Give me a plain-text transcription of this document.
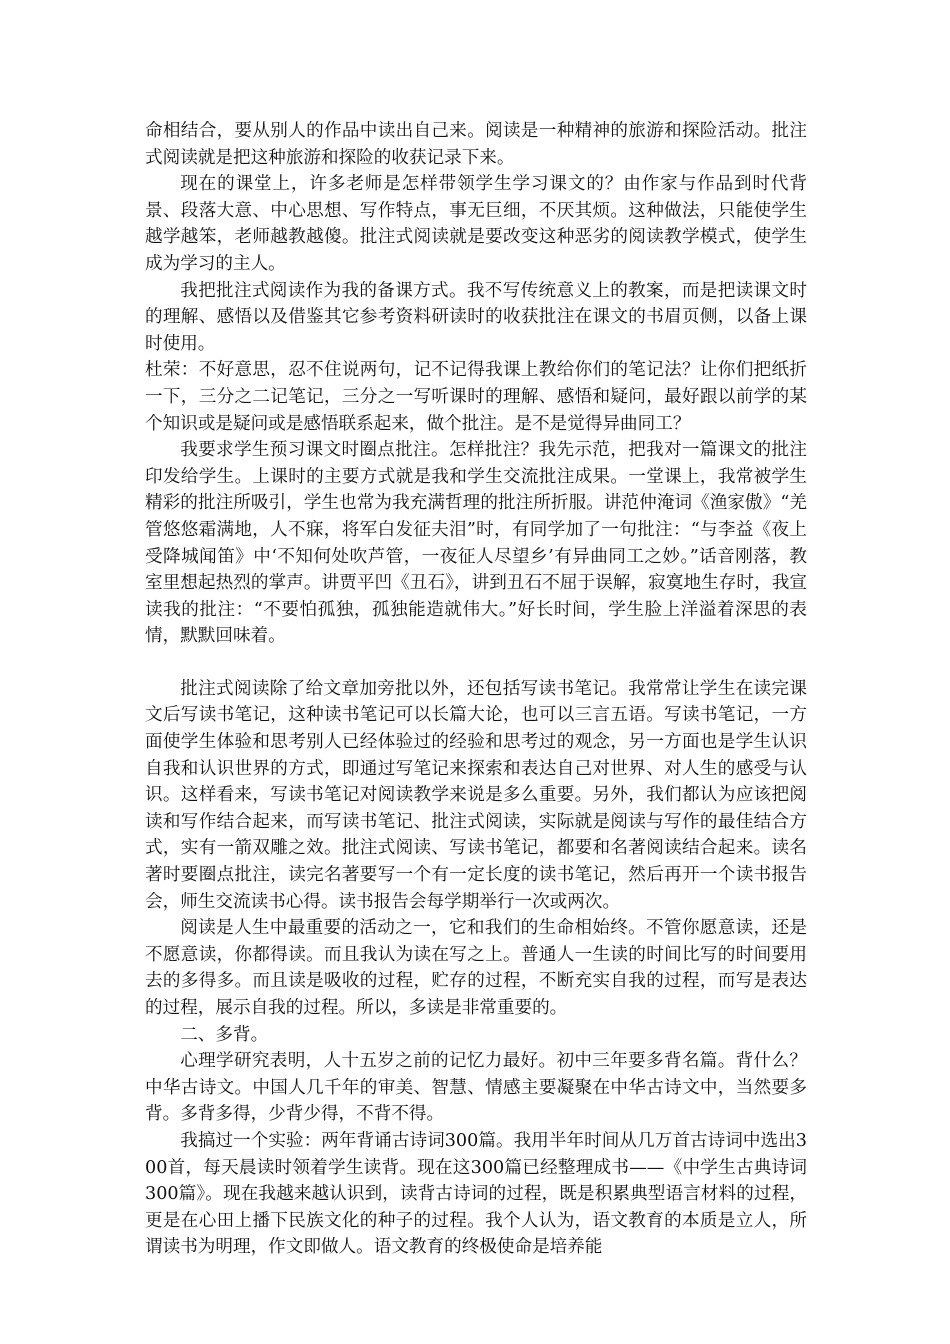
命相结合，要从别人的作品中读出自己来。阅读是一种精神的旅游和探险活动。批注式阅读就是把这种旅游和探险的收获记录下来。

现在的课堂上，许多老师是怎样带领学生学习课文的？由作家与作品到时代背景、段落大意、中心思想、写作特点，事无巨细，不厌其烦。这种做法，只能使学生越学越笨，老师越教越傻。批注式阅读就是要改变这种恶劣的阅读教学模式，使学生成为学习的主人。

我把批注式阅读作为我的备课方式。我不写传统意义上的教案，而是把读课文时的理解、感悟以及借鉴其它参考资料研读时的收获批注在课文的书眉页侧，以备上课时使用。

杜荣：不好意思，忍不住说两句，记不记得我课上教给你们的笔记法？让你们把纸折一下，三分之二记笔记，三分之一写听课时的理解、感悟和疑问，最好跟以前学的某个知识或是疑问或是感悟联系起来，做个批注。是不是觉得异曲同工？

我要求学生预习课文时圈点批注。怎样批注？我先示范，把我对一篇课文的批注印发给学生。上课时的主要方式就是我和学生交流批注成果。一堂课上，我常被学生精彩的批注所吸引，学生也常为我充满哲理的批注所折服。讲范仲淹词《渔家傲》“羌管悠悠霜满地，人不寐，将军白发征夫泪”时，有同学加了一句批注：“与李益《夜上受降城闻笛》中‘不知何处吹芦管，一夜征人尽望乡’有异曲同工之妙。”话音刚落，教室里想起热烈的掌声。讲贾平凹《丑石》，讲到丑石不屈于误解，寂寞地生存时，我宣读我的批注：“不要怕孤独，孤独能造就伟大。”好长时间，学生脸上洋溢着深思的表情，默默回味着。

批注式阅读除了给文章加旁批以外，还包括写读书笔记。我常常让学生在读完课文后写读书笔记，这种读书笔记可以长篇大论，也可以三言五语。写读书笔记，一方面使学生体验和思考别人已经体验过的经验和思考过的观念，另一方面也是学生认识自我和认识世界的方式，即通过写笔记来探索和表达自己对世界、对人生的感受与认识。这样看来，写读书笔记对阅读教学来说是多么重要。另外，我们都认为应该把阅读和写作结合起来，而写读书笔记、批注式阅读，实际就是阅读与写作的最佳结合方式，实有一箭双雕之效。批注式阅读、写读书笔记，都要和名著阅读结合起来。读名著时要圈点批注，读完名著要写一个有一定长度的读书笔记，然后再开一个读书报告会，师生交流读书心得。读书报告会每学期举行一次或两次。

阅读是人生中最重要的活动之一，它和我们的生命相始终。不管你愿意读，还是不愿意读，你都得读。而且我认为读在写之上。普通人一生读的时间比写的时间要用去的多得多。而且读是吸收的过程，贮存的过程，不断充实自我的过程，而写是表达的过程，展示自我的过程。所以，多读是非常重要的。

二、多背。

心理学研究表明，人十五岁之前的记忆力最好。初中三年要多背名篇。背什么？中华古诗文。中国人几千年的审美、智慧、情感主要凝聚在中华古诗文中，当然要多背。多背多得，少背少得，不背不得。

我搞过一个实验：两年背诵古诗词300篇。我用半年时间从几万首古诗词中选出300首，每天晨读时领着学生读背。现在这300篇已经整理成书——《中学生古典诗词300篇》。现在我越来越认识到，读背古诗词的过程，既是积累典型语言材料的过程，更是在心田上播下民族文化的种子的过程。我个人认为，语文教育的本质是立人，所谓读书为明理，作文即做人。语文教育的终极使命是培养能
